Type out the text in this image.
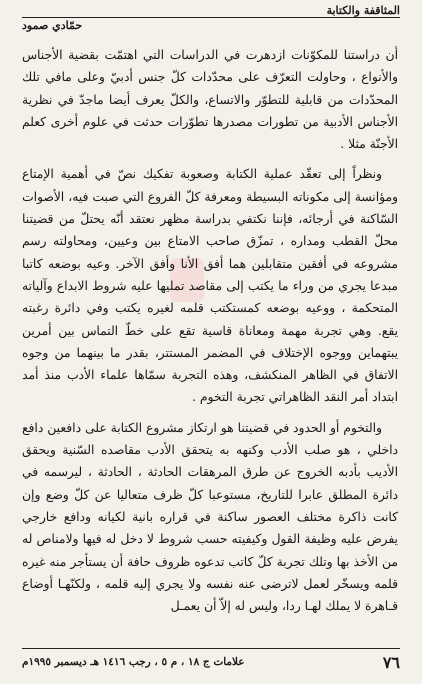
المثاقفة والكتابة
حمّادي صمود

أن دراستنا للمكوّنات ازدهرت في الدراسات التي اهتمّت بقضية الأجناس والأنواع ، وحاولت التعرّف على محدّدات كلّ جنس أدبيّ وعلى مافي تلك المحدّدات من قابلية للتطوّر والاتساع، والكلّ يعرف أيضا ماجدّ في نظرية الأجناس الأدبية من تطورات مصدرها تطوّرات حدثت في علوم أخرى كعلم الأجنّة مثلا .

ونظراً إلى تعقّد عملية الكتابة وصعوبة تفكيك نصّ في أهمية الإمتاع ومؤانسة إلى مكوناته البسيطة ومعرفة كلّ الفروع التي صبت فيه، الأصوات السّاكنة في أرجائه، فإننا نكتفي بدراسة مظهر نعتقد أنّه يحتلّ من قضيتنا محلّ القطب ومداره ، تمزّق صاحب الامتاع بين وعيين، ومحاولته رسم مشروعه في أفقين متقابلين هما أفق الأنا وأفق الآخر. وعيه بوضعه كاتبا مبدعا يجري من وراء ما يكتب إلى مقاصد تمليها عليه شروط الابداع وآلياته المتحكمة ، ووعيه بوضعه كمستكتب قلمه لغيره يكتب وفي دائرة رغبته يقع. وهي تجربة مهمة ومعاناة قاسية تقع على خطّ التماس بين أمرين يبتهماين ووجوه الإختلاف في المضمر المستتر، بقدر ما بينهما من وجوه الاتفاق في الظاهر المنكشف، وهذه التجربة سمّاها علماء الأدب منذ أمد ابتداد أمر النقد الظاهراتي تجربة التخوم .

والتخوم أو الحدود في قضيتنا هو ارتكاز مشروع الكتابة على دافعين دافع داخلي ، هو صلب الأدب وكنهه به يتحقق الأدب مقاصده السّنية ويحقق الأديب بأدبه الخروج عن طرق المرهقات الحادثة ، الحادثة ، ليرسمه في دائرة المطلق عابرا للتاريخ، مستوعبا كلّ ظرف متعاليا عن كلّ وضع وإن كانت ذاكرة مختلف العصور ساكنة في قراره بانية لكيانه ودافع خارجي يفرض عليه وظيفة القول وكيفيته حسب شروط لا دخل له فيها ولامناص له من الأخذ بها وتلك تجربة كلّ كاتب تدعوه ظروف حافة أن يستأجر منه غيره قلمه ويسخّر لعمل لاترضى عنه نفسه ولا يجري إليه قلمه ، ولكنّهـا أوضاع قـاهرة لا يملك لهـا ردا، وليس له إلاّ أن يعمـل

٧٦
علامات ج ١٨ ، م ٥ ، رجب ١٤١٦ هـ ديسمبر ١٩٩٥م
